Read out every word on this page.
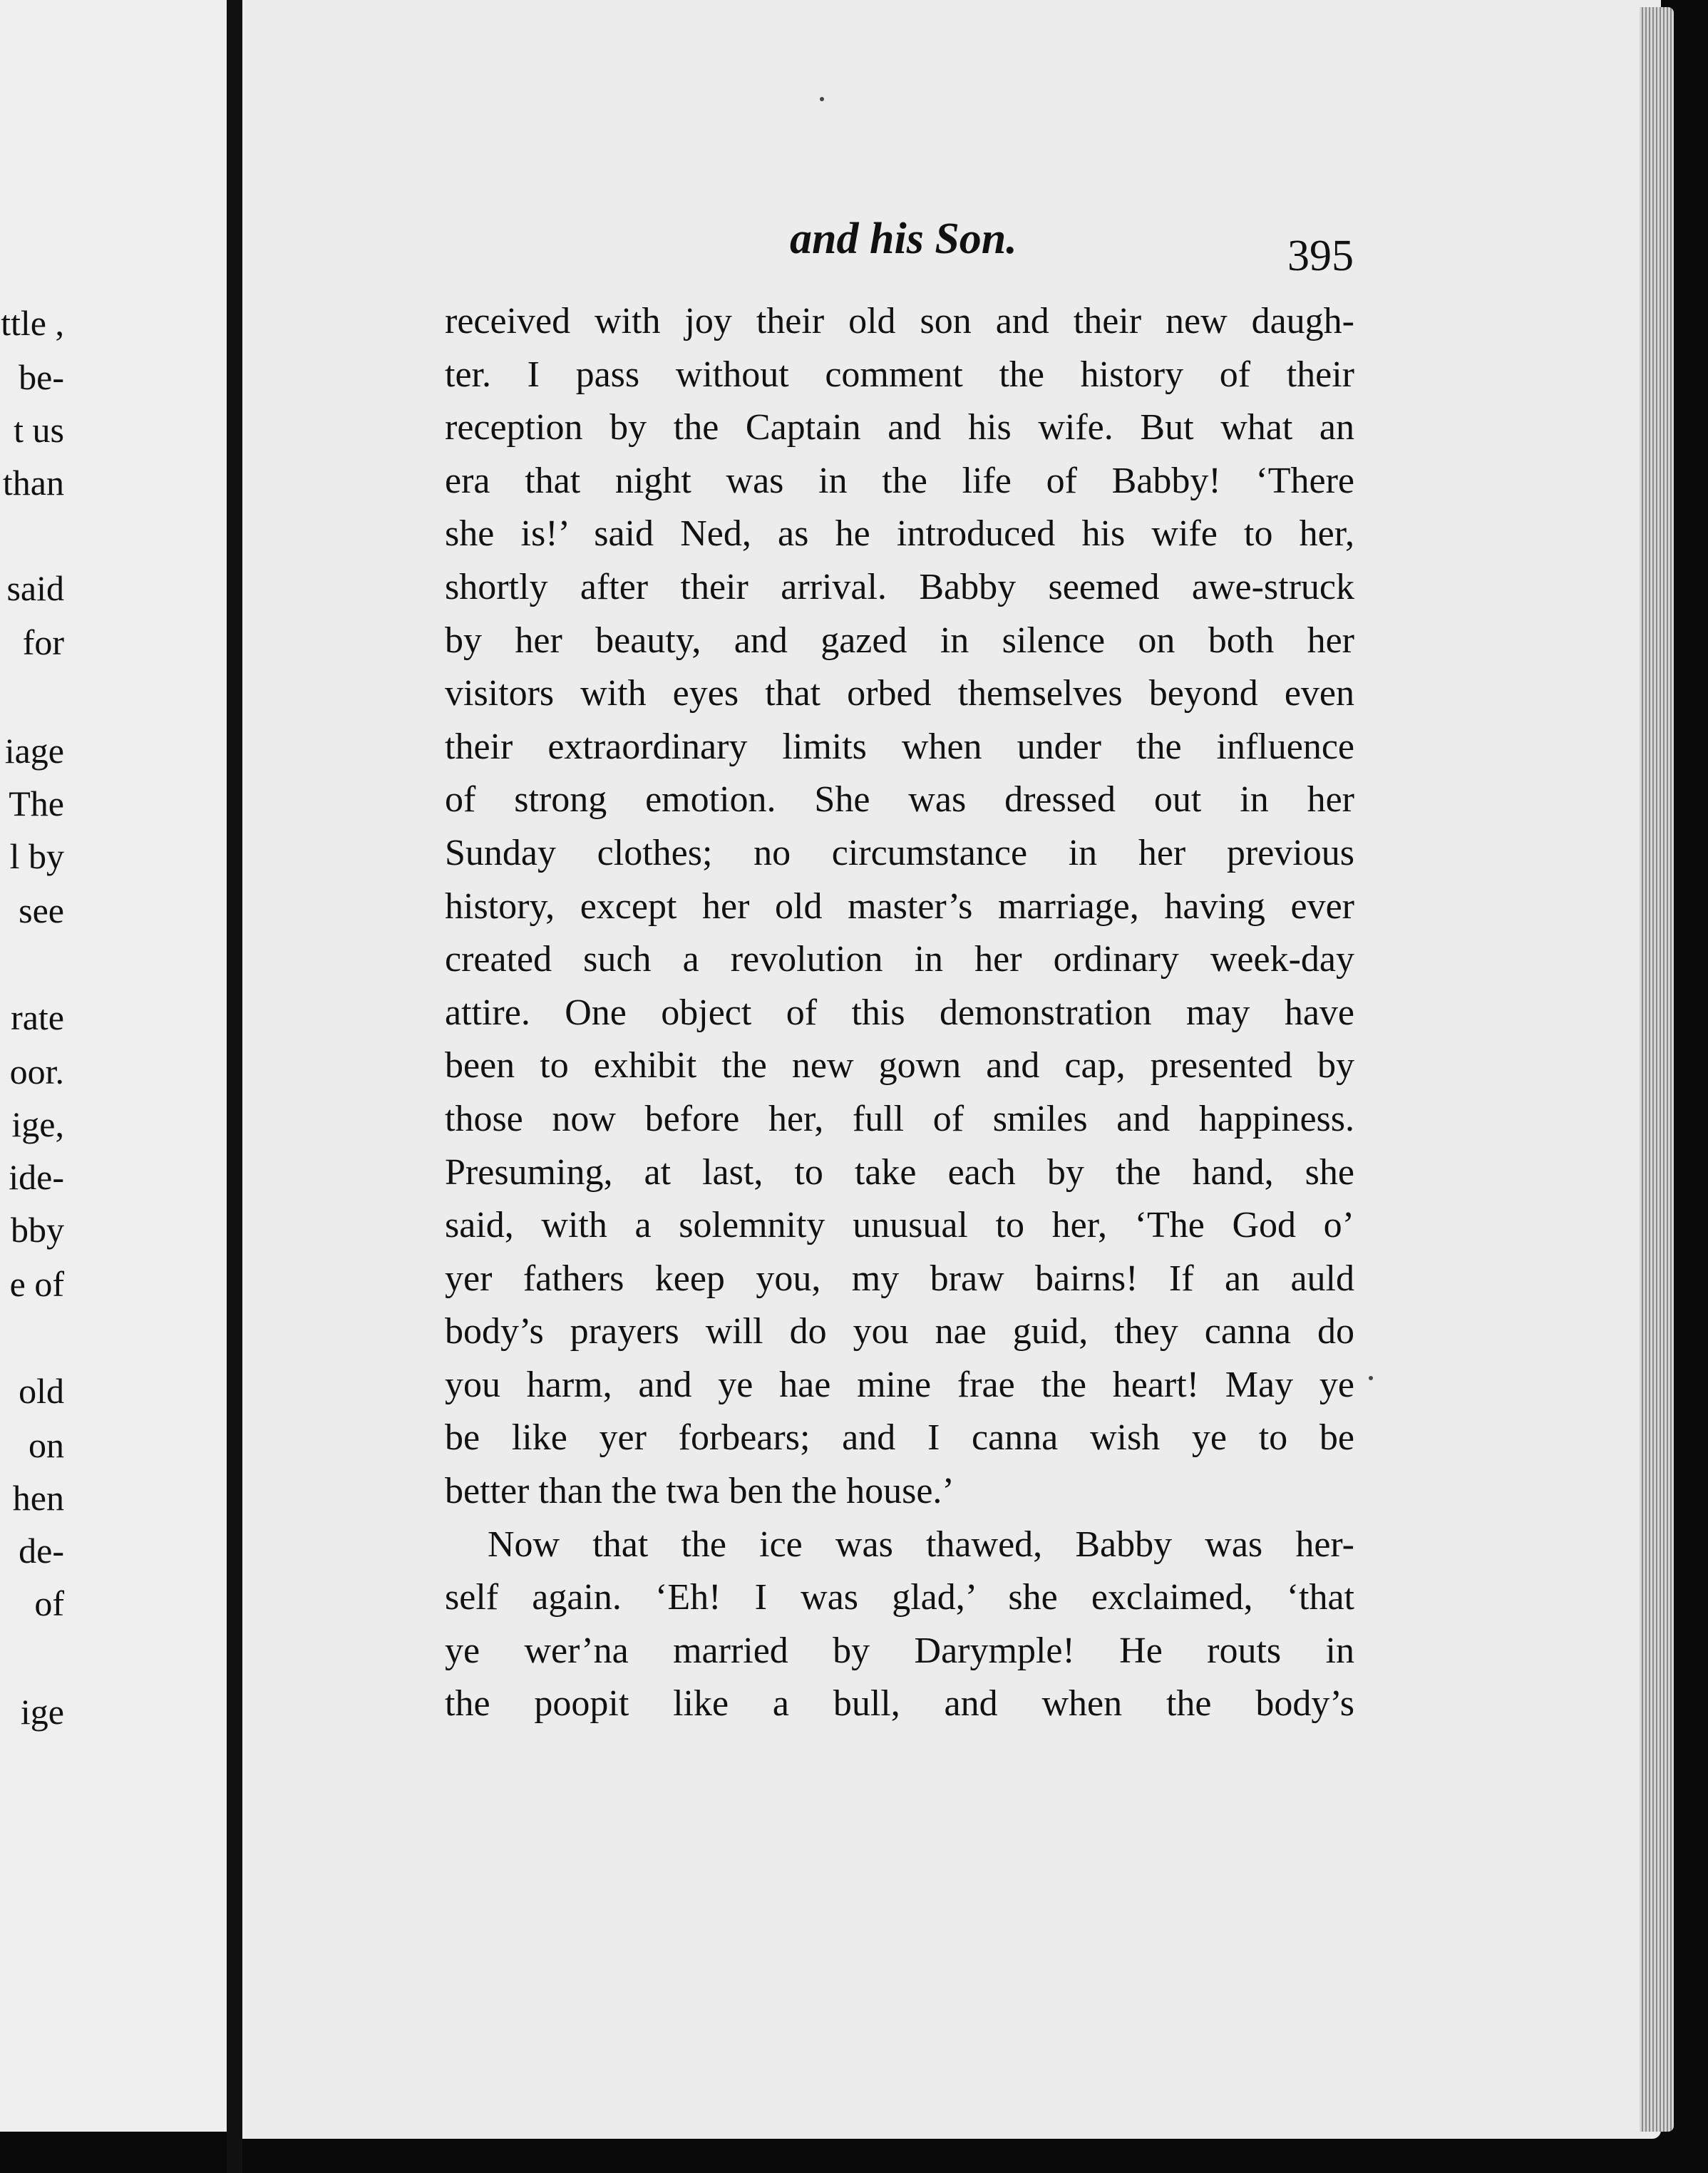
ttle ,
be-
t us
than
said
for
iage
The
l by
see
rate
oor.
ige,
ide-
bby
e of
old
on
hen
de-
of
ige
and his Son.	395
received with joy their old son and their new daugh-
ter. I pass without comment the history of their
reception by the Captain and his wife. But what an
era that night was in the life of Babby! ‘There
she is!’ said Ned, as he introduced his wife to her,
shortly after their arrival. Babby seemed awe-struck
by her beauty, and gazed in silence on both her
visitors with eyes that orbed themselves beyond even
their extraordinary limits when under the influence
of strong emotion. She was dressed out in her
Sunday clothes; no circumstance in her previous
history, except her old master’s marriage, having ever
created such a revolution in her ordinary week-day
attire. One object of this demonstration may have
been to exhibit the new gown and cap, presented by
those now before her, full of smiles and happiness.
Presuming, at last, to take each by the hand, she
said, with a solemnity unusual to her, ‘The God o’
yer fathers keep you, my braw bairns! If an auld
body’s prayers will do you nae guid, they canna do
you harm, and ye hae mine frae the heart! May ye
be like yer forbears; and I canna wish ye to be
better than the twa ben the house.’
Now that the ice was thawed, Babby was her-
self again. ‘Eh! I was glad,’ she exclaimed, ‘that
ye wer’na married by Darymple! He routs in
the poopit like a bull, and when the body’s
